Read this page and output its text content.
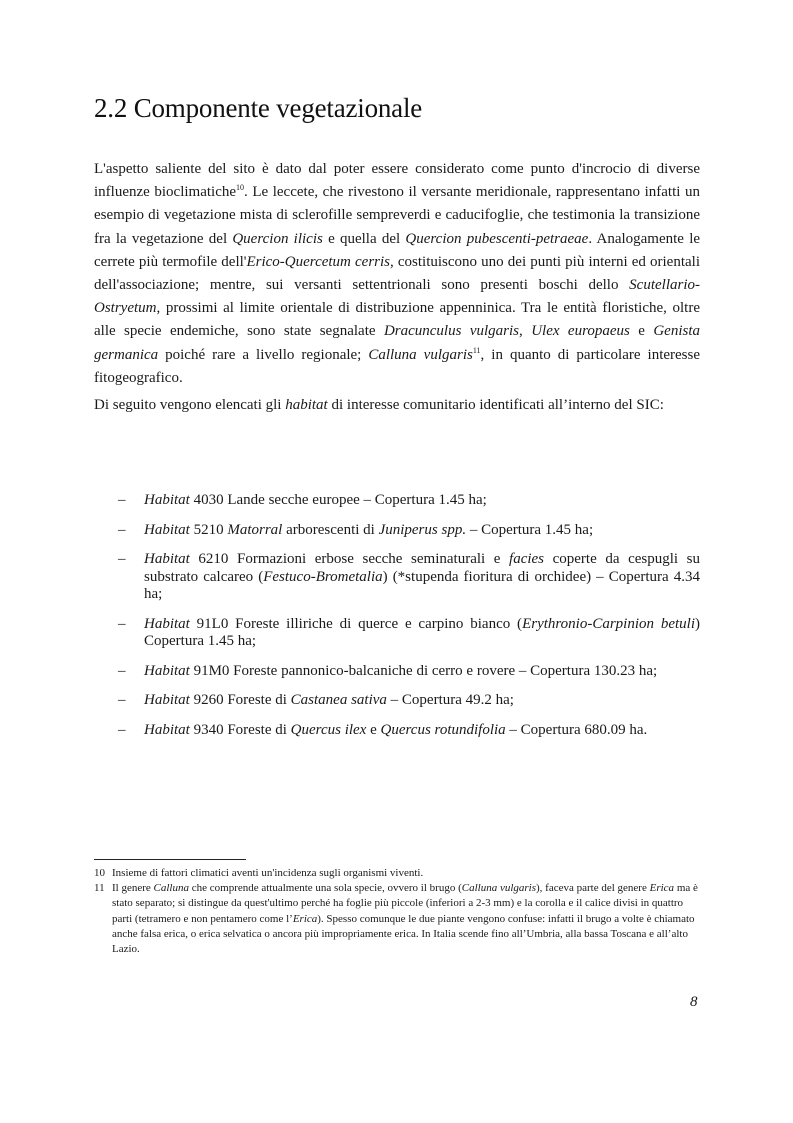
2.2 Componente vegetazionale

L'aspetto saliente del sito è dato dal poter essere considerato come punto d'incrocio di diverse influenze bioclimatiche$^{10}$. Le leccete, che rivestono il versante meridionale, rappresentano infatti un esempio di vegetazione mista di sclerofille sempreverdi e caducifoglie, che testimonia la transizione fra la vegetazione del Quercion ilicis e quella del Quercion pubescenti-petraeae. Analogamente le cerrete più termofile dell'Erico-Quercetum cerris, costituiscono uno dei punti più interni ed orientali dell'associazione; mentre, sui versanti settentrionali sono presenti boschi dello Scutellario-Ostryetum, prossimi al limite orientale di distribuzione appenninica. Tra le entità floristiche, oltre alle specie endemiche, sono state segnalate Dracunculus vulgaris, Ulex europaeus e Genista germanica poiché rare a livello regionale; Calluna vulgaris$^{11}$, in quanto di particolare interesse fitogeografico.

Di seguito vengono elencati gli habitat di interesse comunitario identificati all’interno del SIC:

– Habitat 4030 Lande secche europee – Copertura 1.45 ha;
– Habitat 5210 Matorral arborescenti di Juniperus spp. – Copertura 1.45 ha;
– Habitat 6210 Formazioni erbose secche seminaturali e facies coperte da cespugli su substrato calcareo (Festuco-Brometalia) (*stupenda fioritura di orchidee) – Copertura 4.34 ha;
– Habitat 91L0 Foreste illiriche di querce e carpino bianco (Erythronio-Carpinion betuli) Copertura 1.45 ha;
– Habitat 91M0 Foreste pannonico-balcaniche di cerro e rovere – Copertura 130.23 ha;
– Habitat 9260 Foreste di Castanea sativa – Copertura 49.2 ha;
– Habitat 9340 Foreste di Quercus ilex e Quercus rotundifolia – Copertura 680.09 ha.
10 Insieme di fattori climatici aventi un'incidenza sugli organismi viventi.
11 Il genere Calluna che comprende attualmente una sola specie, ovvero il brugo (Calluna vulgaris), faceva parte del genere Erica ma è stato separato; si distingue da quest'ultimo perché ha foglie più piccole (inferiori a 2-3 mm) e la corolla e il calice divisi in quattro parti (tetramero e non pentamero come l’Erica). Spesso comunque le due piante vengono confuse: infatti il brugo a volte è chiamato anche falsa erica, o erica selvatica o ancora più impropriamente erica. In Italia scende fino all’Umbria, alla bassa Toscana e all’alto Lazio.
8
